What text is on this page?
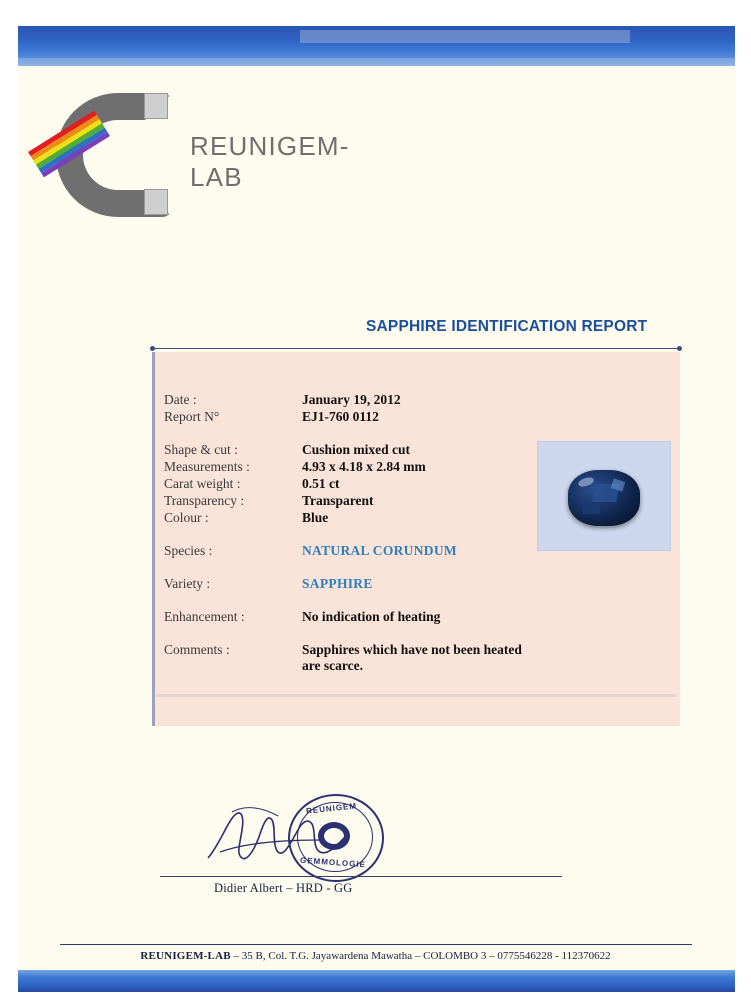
REUNIGEM-LAB
SAPPHIRE IDENTIFICATION REPORT
Date :	January 19, 2012
Report N°	EJ1-760 0112
Shape & cut :	Cushion mixed cut
Measurements :	4.93 x 4.18 x 2.84 mm
Carat weight :	0.51 ct
Transparency :	Transparent
Colour :	Blue
Species :	NATURAL CORUNDUM
Variety :	SAPPHIRE
Enhancement :	No indication of heating
Comments :	Sapphires which have not been heated are scarce.
REUNIGEM
GEMMOLOGIE
Didier Albert – HRD - GG
REUNIGEM-LAB – 35 B, Col. T.G. Jayawardena Mawatha – COLOMBO 3 – 0775546228 - 112370622
